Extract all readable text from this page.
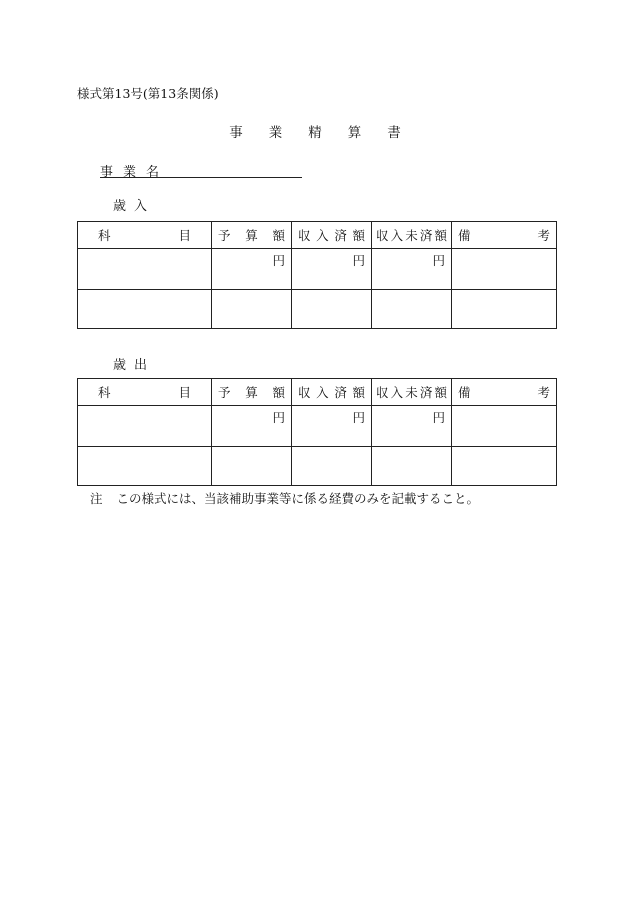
様式第13号(第13条関係)
事 業 精 算 書
事 業 名
歳 入
科 目	予 算 額	収 入 済 額	収 入 未 済 額	備 考

	円	円	円	

歳 出
科 目	予 算 額	収 入 済 額	収 入 未 済 額	備 考

	円	円	円	

注 この様式には、当該補助事業等に係る経費のみを記載すること。
